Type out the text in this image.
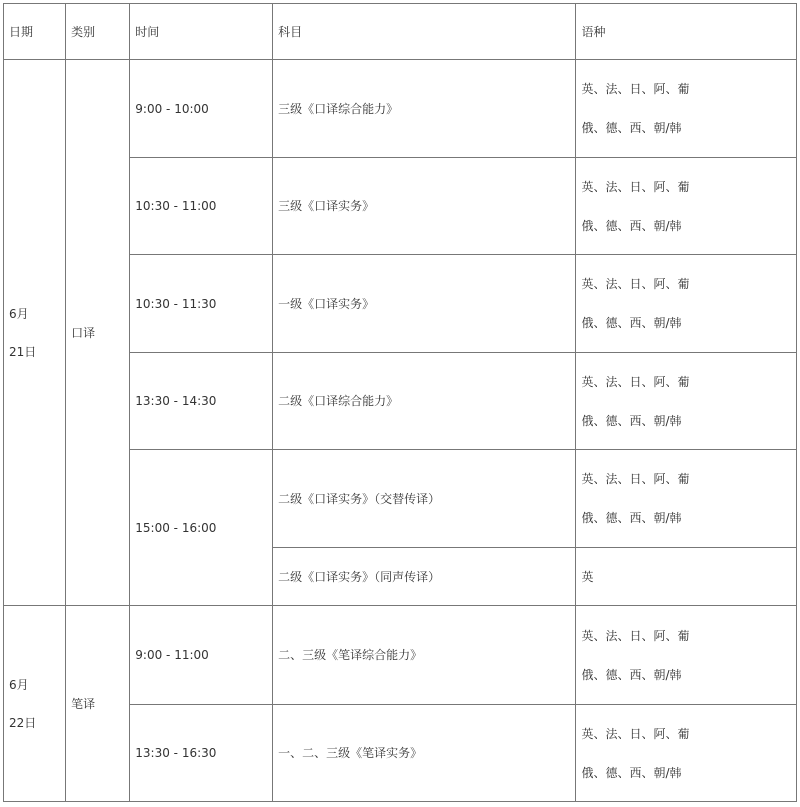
日期	类别	时间	科目	语种

6月
21日	口译	9:00 - 10:00	三级《口译综合能力》	英、法、日、阿、葡
俄、德、西、朝/韩

		10:30 - 11:00	三级《口译实务》	英、法、日、阿、葡
俄、德、西、朝/韩

		10:30 - 11:30	一级《口译实务》	英、法、日、阿、葡
俄、德、西、朝/韩

		13:30 - 14:30	二级《口译综合能力》	英、法、日、阿、葡
俄、德、西、朝/韩

		15:00 - 16:00	二级《口译实务》（交替传译）	英、法、日、阿、葡
俄、德、西、朝/韩

			二级《口译实务》（同声传译）	英

6月
22日	笔译	9:00 - 11:00	二、三级《笔译综合能力》	英、法、日、阿、葡
俄、德、西、朝/韩

		13:30 - 16:30	一、二、三级《笔译实务》	英、法、日、阿、葡
俄、德、西、朝/韩
